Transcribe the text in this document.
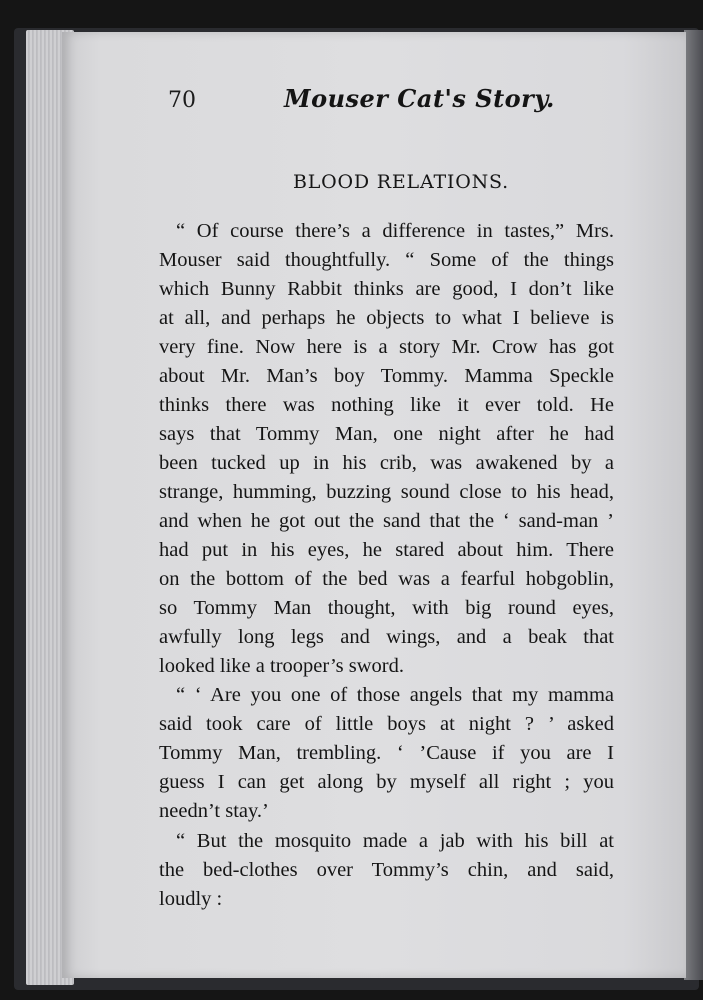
70	Mouser Cat's Story.
BLOOD RELATIONS.
“ Of course there’s a difference in tastes,” Mrs.
Mouser said thoughtfully. “ Some of the things
which Bunny Rabbit thinks are good, I don’t like
at all, and perhaps he objects to what I believe is
very fine. Now here is a story Mr. Crow has got
about Mr. Man’s boy Tommy. Mamma Speckle
thinks there was nothing like it ever told. He
says that Tommy Man, one night after he had
been tucked up in his crib, was awakened by a
strange, humming, buzzing sound close to his head,
and when he got out the sand that the ‘ sand-man ’
had put in his eyes, he stared about him. There
on the bottom of the bed was a fearful hobgoblin,
so Tommy Man thought, with big round eyes,
awfully long legs and wings, and a beak that
looked like a trooper’s sword.
“ ‘ Are you one of those angels that my mamma
said took care of little boys at night ? ’ asked
Tommy Man, trembling. ‘ ’Cause if you are I
guess I can get along by myself all right ; you
needn’t stay.’
“ But the mosquito made a jab with his bill at
the bed-clothes over Tommy’s chin, and said,
loudly :
